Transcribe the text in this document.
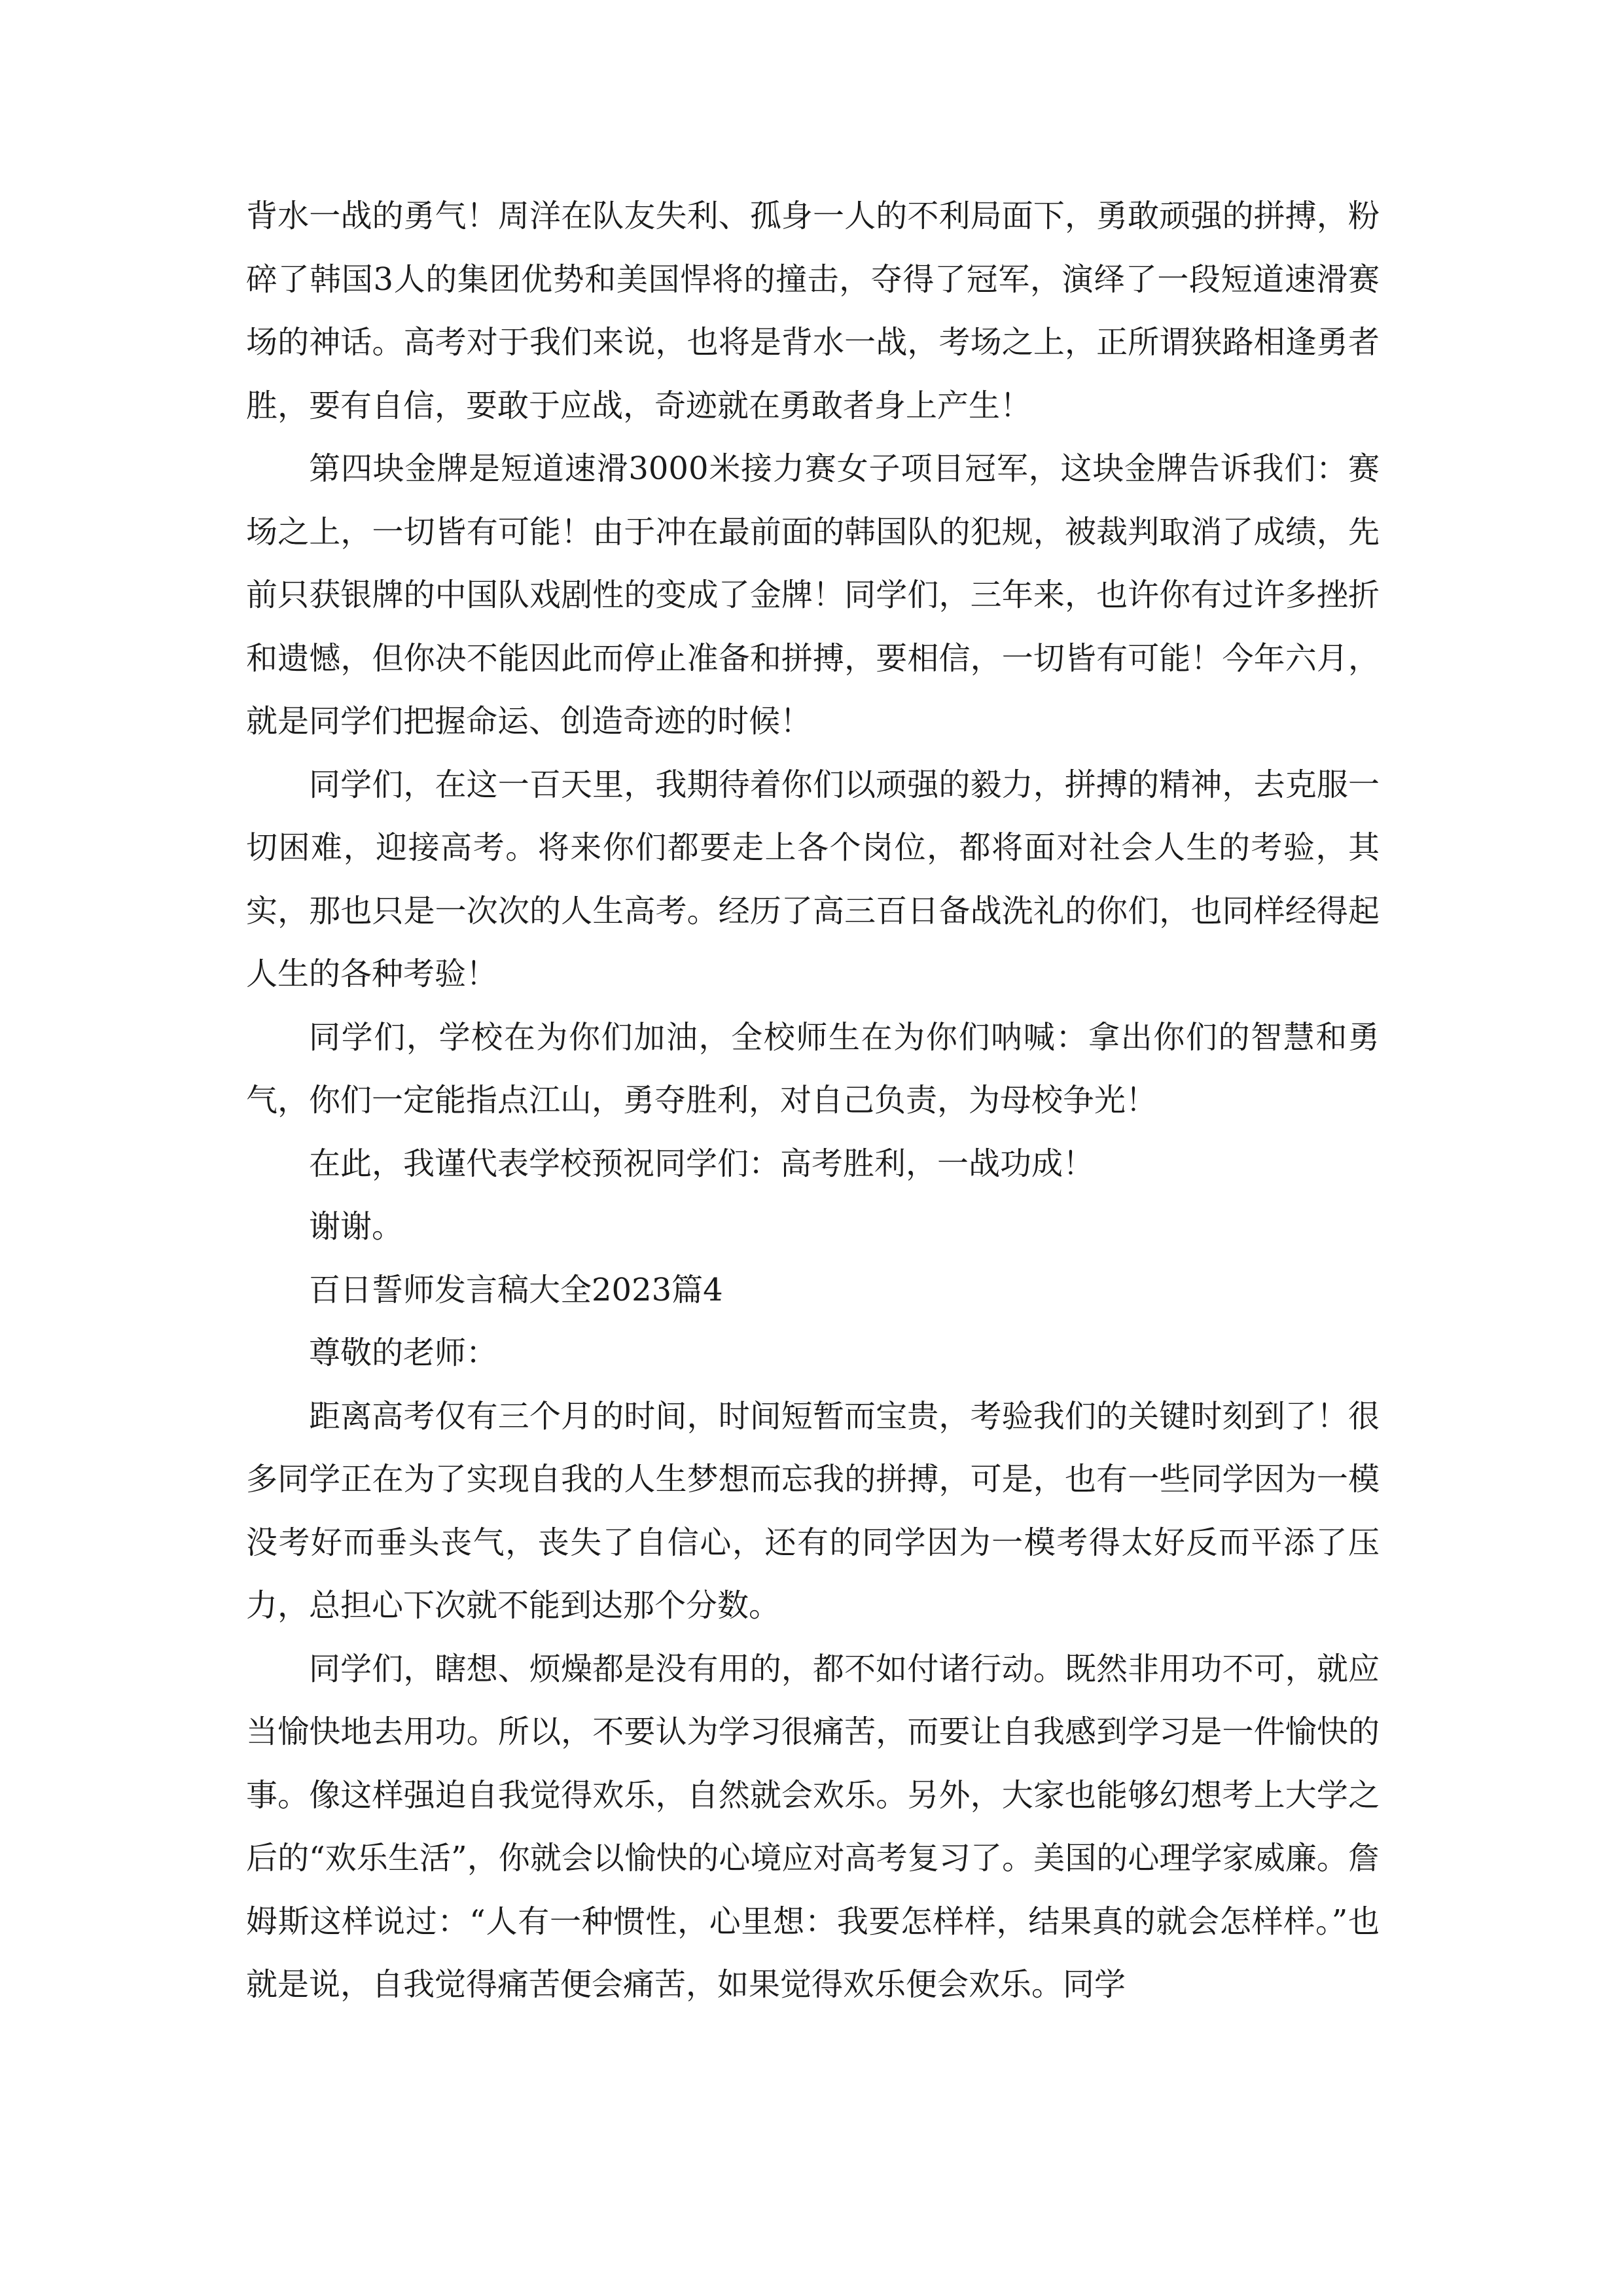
背水一战的勇气！周洋在队友失利、孤身一人的不利局面下，勇敢顽强的拼搏，粉碎了韩国3人的集团优势和美国悍将的撞击，夺得了冠军，演绎了一段短道速滑赛场的神话。高考对于我们来说，也将是背水一战，考场之上，正所谓狭路相逢勇者胜，要有自信，要敢于应战，奇迹就在勇敢者身上产生！

第四块金牌是短道速滑3000米接力赛女子项目冠军，这块金牌告诉我们：赛场之上，一切皆有可能！由于冲在最前面的韩国队的犯规，被裁判取消了成绩，先前只获银牌的中国队戏剧性的变成了金牌！同学们，三年来，也许你有过许多挫折和遗憾，但你决不能因此而停止准备和拼搏，要相信，一切皆有可能！今年六月，就是同学们把握命运、创造奇迹的时候！

同学们，在这一百天里，我期待着你们以顽强的毅力，拼搏的精神，去克服一切困难，迎接高考。将来你们都要走上各个岗位，都将面对社会人生的考验，其实，那也只是一次次的人生高考。经历了高三百日备战洗礼的你们，也同样经得起人生的各种考验！

同学们，学校在为你们加油，全校师生在为你们呐喊：拿出你们的智慧和勇气，你们一定能指点江山，勇夺胜利，对自己负责，为母校争光！

在此，我谨代表学校预祝同学们：高考胜利，一战功成！

谢谢。

百日誓师发言稿大全2023篇4

尊敬的老师：

距离高考仅有三个月的时间，时间短暂而宝贵，考验我们的关键时刻到了！很多同学正在为了实现自我的人生梦想而忘我的拼搏，可是，也有一些同学因为一模没考好而垂头丧气，丧失了自信心，还有的同学因为一模考得太好反而平添了压力，总担心下次就不能到达那个分数。

同学们，瞎想、烦燥都是没有用的，都不如付诸行动。既然非用功不可，就应当愉快地去用功。所以，不要认为学习很痛苦，而要让自我感到学习是一件愉快的事。像这样强迫自我觉得欢乐，自然就会欢乐。另外，大家也能够幻想考上大学之后的“欢乐生活”，你就会以愉快的心境应对高考复习了。美国的心理学家威廉。詹姆斯这样说过：“人有一种惯性，心里想：我要怎样样，结果真的就会怎样样。”也就是说，自我觉得痛苦便会痛苦，如果觉得欢乐便会欢乐。同学
